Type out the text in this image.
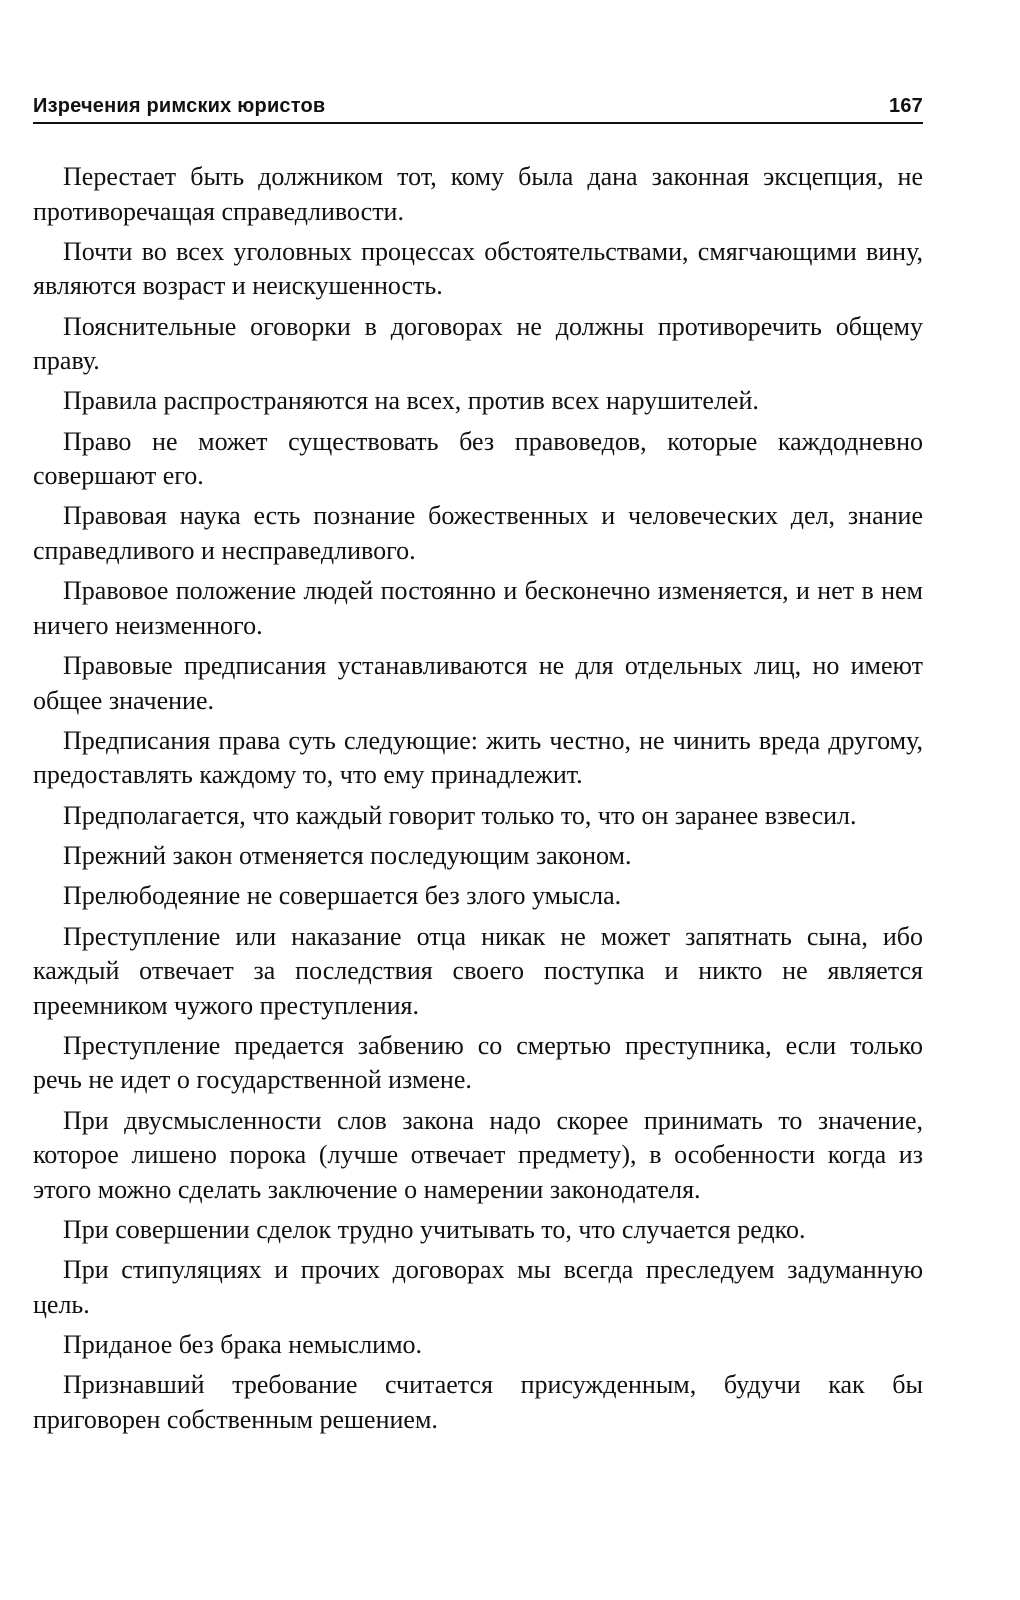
Изречения римских юристов	167

Перестает быть должником тот, кому была дана законная эксцепция, не противоречащая справедливости.

Почти во всех уголовных процессах обстоятельствами, смягчающими вину, являются возраст и неискушенность.

Пояснительные оговорки в договорах не должны противоречить общему праву.

Правила распространяются на всех, против всех нарушителей.

Право не может существовать без правоведов, которые каждодневно совершают его.

Правовая наука есть познание божественных и человеческих дел, знание справедливого и несправедливого.

Правовое положение людей постоянно и бесконечно изменяется, и нет в нем ничего неизменного.

Правовые предписания устанавливаются не для отдельных лиц, но имеют общее значение.

Предписания права суть следующие: жить честно, не чинить вреда другому, предоставлять каждому то, что ему принадлежит.

Предполагается, что каждый говорит только то, что он заранее взвесил.

Прежний закон отменяется последующим законом.

Прелюбодеяние не совершается без злого умысла.

Преступление или наказание отца никак не может запятнать сына, ибо каждый отвечает за последствия своего поступка и никто не является преемником чужого преступления.

Преступление предается забвению со смертью преступника, если только речь не идет о государственной измене.

При двусмысленности слов закона надо скорее принимать то значение, которое лишено порока (лучше отвечает предмету), в особенности когда из этого можно сделать заключение о намерении законодателя.

При совершении сделок трудно учитывать то, что случается редко.

При стипуляциях и прочих договорах мы всегда преследуем задуманную цель.

Приданое без брака немыслимо.

Признавший требование считается присужденным, будучи как бы приговорен собственным решением.
